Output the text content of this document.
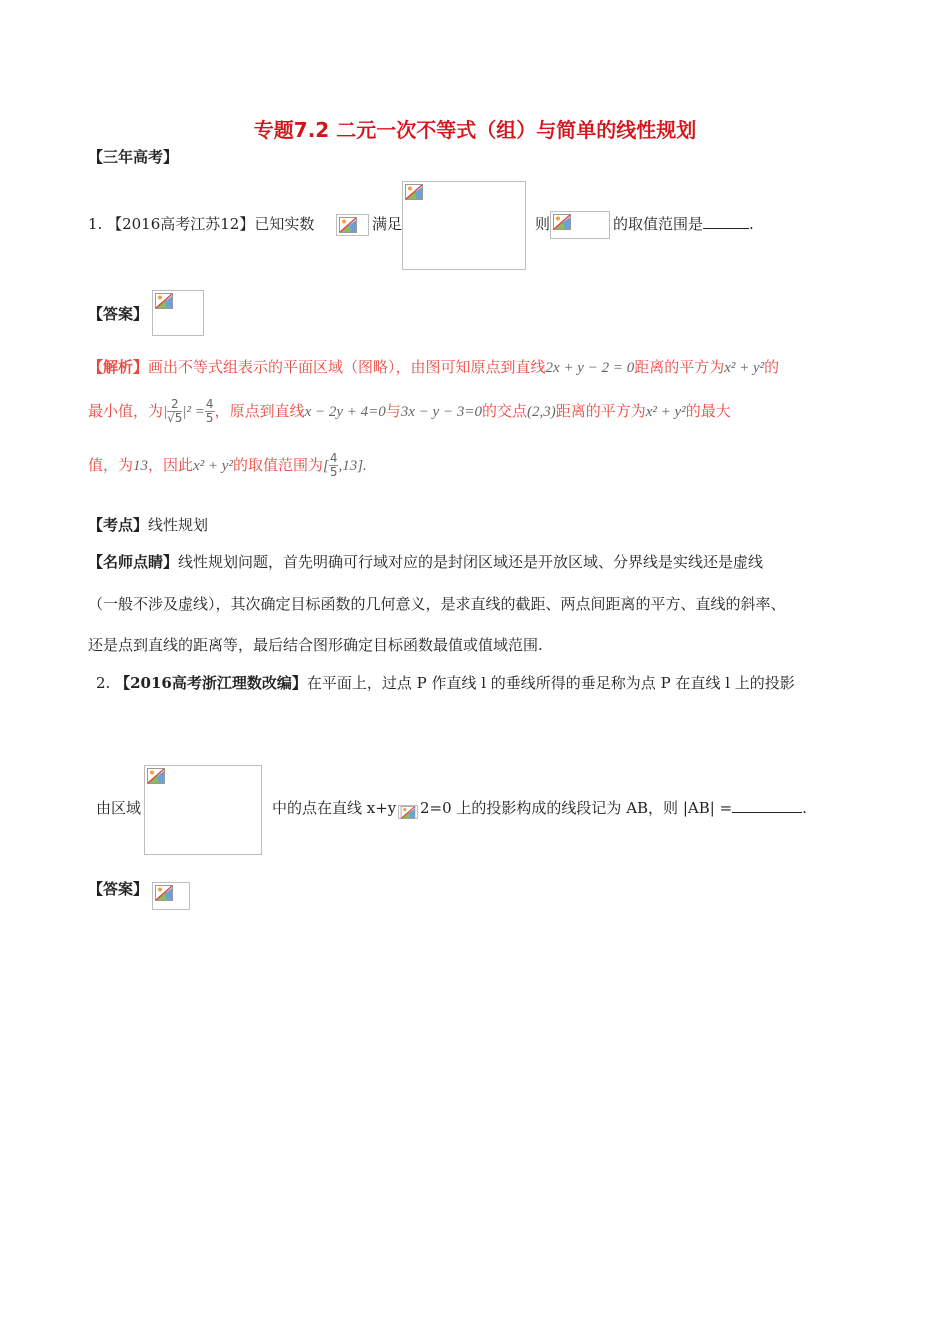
专题7.2 二元一次不等式（组）与简单的线性规划
【三年高考】
1. 【2016高考江苏12】已知实数	满足	则	的取值范围是	.
【答案】
【解析】画出不等式组表示的平面区域（图略），由图可知原点到直线2x + y − 2 = 0距离的平方为x² + y²的
最小值，为| $\frac{2}{√5} |^2 = \frac{4}{5}$ ，原点到直线x − 2y + 4=0与3x − y − 3=0的交点(2,3)距离的平方为x² + y²的最大
值，为13，因此x² + y²的取值范围为[ $\frac{4}{5} ,13$].
【考点】线性规划
【名师点睛】线性规划问题，首先明确可行域对应的是封闭区域还是开放区域、分界线是实线还是虚线
（一般不涉及虚线），其次确定目标函数的几何意义，是求直线的截距、两点间距离的平方、直线的斜率、
还是点到直线的距离等，最后结合图形确定目标函数最值或值域范围.
2. 【2016高考浙江理数改编】在平面上，过点 P 作直线 l 的垂线所得的垂足称为点 P 在直线 l 上的投影
由区域	中的点在直线 x+y 2=0 上的投影构成的线段记为 AB，则 |AB| =	.
【答案】
